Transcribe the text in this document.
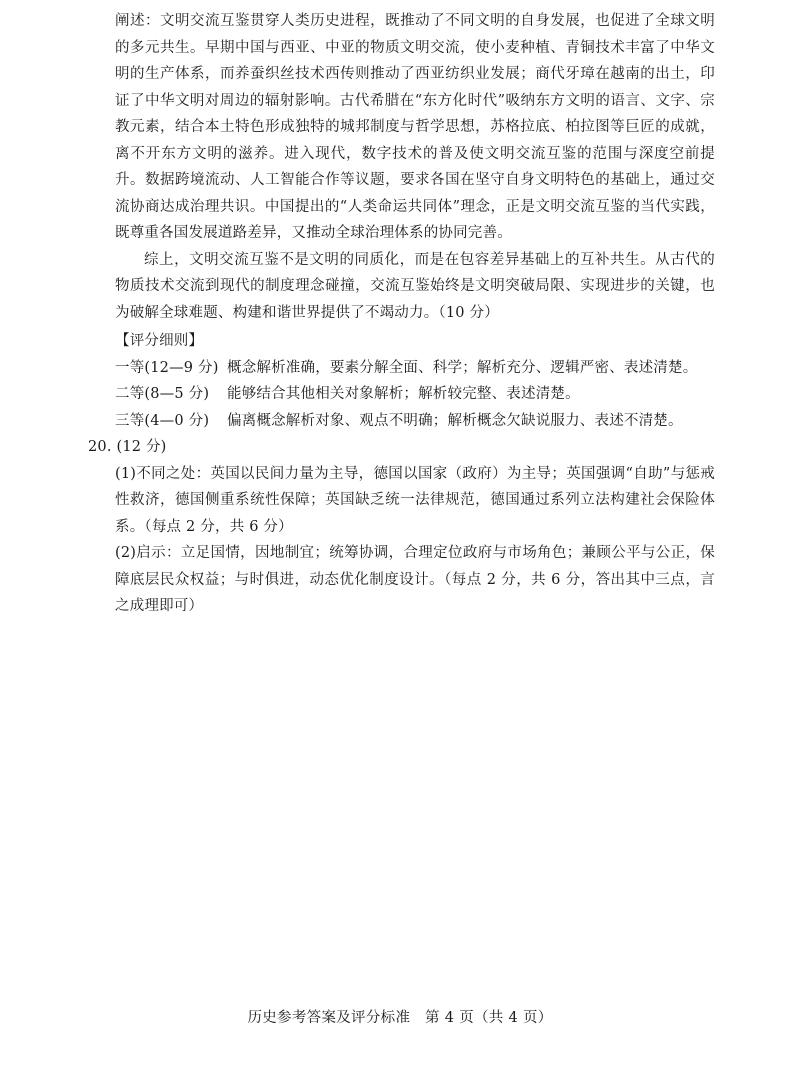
阐述：文明交流互鉴贯穿人类历史进程，既推动了不同文明的自身发展，也促进了全球文明的多元共生。早期中国与西亚、中亚的物质文明交流，使小麦种植、青铜技术丰富了中华文明的生产体系，而养蚕织丝技术西传则推动了西亚纺织业发展；商代牙璋在越南的出土，印证了中华文明对周边的辐射影响。古代希腊在“东方化时代”吸纳东方文明的语言、文字、宗教元素，结合本土特色形成独特的城邦制度与哲学思想，苏格拉底、柏拉图等巨匠的成就，离不开东方文明的滋养。进入现代，数字技术的普及使文明交流互鉴的范围与深度空前提升。数据跨境流动、人工智能合作等议题，要求各国在坚守自身文明特色的基础上，通过交流协商达成治理共识。中国提出的“人类命运共同体”理念，正是文明交流互鉴的当代实践，既尊重各国发展道路差异，又推动全球治理体系的协同完善。

综上，文明交流互鉴不是文明的同质化，而是在包容差异基础上的互补共生。从古代的物质技术交流到现代的制度理念碰撞，交流互鉴始终是文明突破局限、实现进步的关键，也为破解全球难题、构建和谐世界提供了不竭动力。（10 分）

【评分细则】

一等(12—9 分) 概念解析准确，要素分解全面、科学；解析充分、逻辑严密、表述清楚。
二等(8—5 分)	能够结合其他相关对象解析；解析较完整、表述清楚。
三等(4—0 分)	偏离概念解析对象、观点不明确；解析概念欠缺说服力、表述不清楚。

20. (12 分)

(1)不同之处：英国以民间力量为主导，德国以国家（政府）为主导；英国强调“自助”与惩戒性救济，德国侧重系统性保障；英国缺乏统一法律规范，德国通过系列立法构建社会保险体系。（每点 2 分，共 6 分）

(2)启示：立足国情，因地制宜；统筹协调，合理定位政府与市场角色；兼顾公平与公正，保障底层民众权益；与时俱进，动态优化制度设计。（每点 2 分，共 6 分，答出其中三点，言之成理即可）

历史参考答案及评分标准　第 4 页（共 4 页）
